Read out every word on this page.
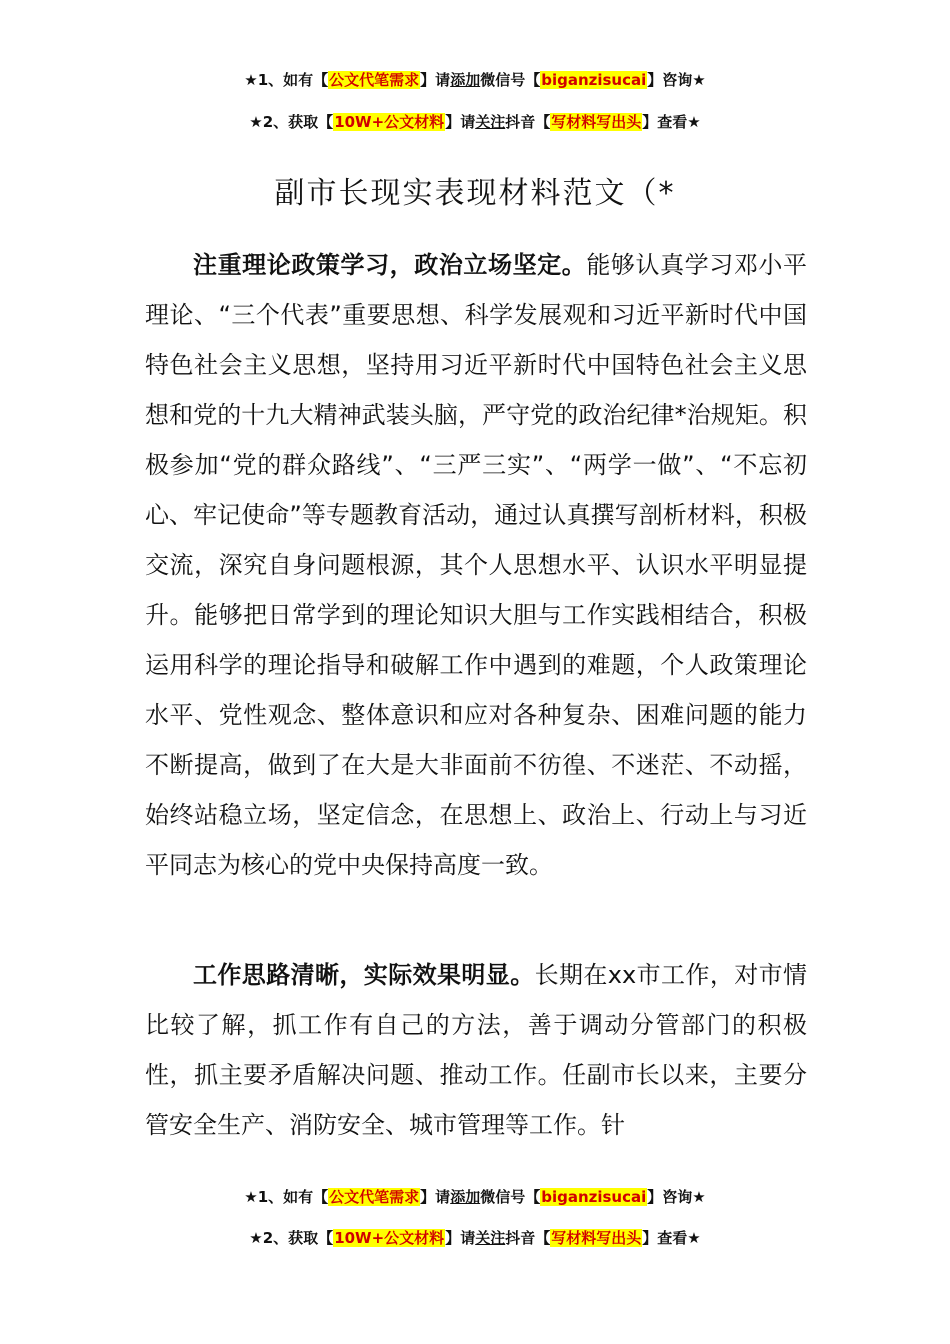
★1、如有【公文代笔需求】请添加微信号【biganzisucai】咨询★
★2、获取【10W+公文材料】请关注抖音【写材料写出头】查看★
副市长现实表现材料范文（*

注重理论政策学习，政治立场坚定。能够认真学习邓小平理论、“三个代表”重要思想、科学发展观和习近平新时代中国特色社会主义思想，坚持用习近平新时代中国特色社会主义思想和党的十九大精神武装头脑，严守党的政治纪律*治规矩。积极参加“党的群众路线”、“三严三实”、“两学一做”、“不忘初心、牢记使命”等专题教育活动，通过认真撰写剖析材料，积极交流，深究自身问题根源，其个人思想水平、认识水平明显提升。能够把日常学到的理论知识大胆与工作实践相结合，积极运用科学的理论指导和破解工作中遇到的难题，个人政策理论水平、党性观念、整体意识和应对各种复杂、困难问题的能力不断提高，做到了在大是大非面前不彷徨、不迷茫、不动摇，始终站稳立场，坚定信念，在思想上、政治上、行动上与习近平同志为核心的党中央保持高度一致。

工作思路清晰，实际效果明显。长期在xx市工作，对市情比较了解，抓工作有自己的方法，善于调动分管部门的积极性，抓主要矛盾解决问题、推动工作。任副市长以来，主要分管安全生产、消防安全、城市管理等工作。针

★1、如有【公文代笔需求】请添加微信号【biganzisucai】咨询★
★2、获取【10W+公文材料】请关注抖音【写材料写出头】查看★
